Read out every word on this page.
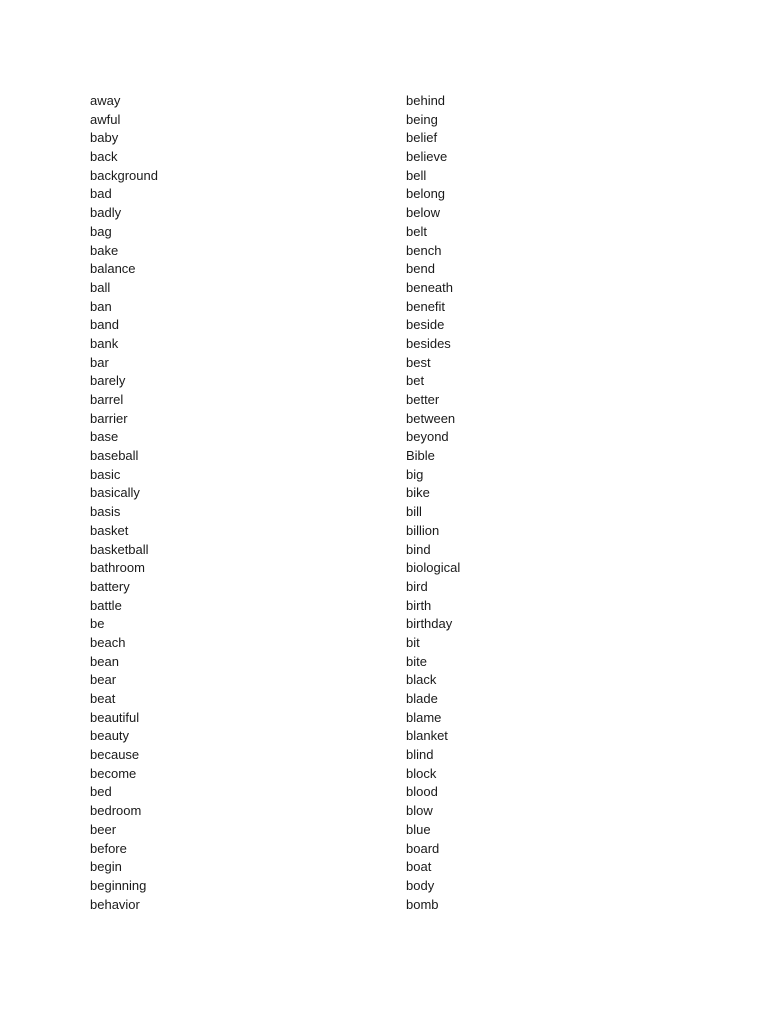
away
awful
baby
back
background
bad
badly
bag
bake
balance
ball
ban
band
bank
bar
barely
barrel
barrier
base
baseball
basic
basically
basis
basket
basketball
bathroom
battery
battle
be
beach
bean
bear
beat
beautiful
beauty
because
become
bed
bedroom
beer
before
begin
beginning
behavior
behind
being
belief
believe
bell
belong
below
belt
bench
bend
beneath
benefit
beside
besides
best
bet
better
between
beyond
Bible
big
bike
bill
billion
bind
biological
bird
birth
birthday
bit
bite
black
blade
blame
blanket
blind
block
blood
blow
blue
board
boat
body
bomb
